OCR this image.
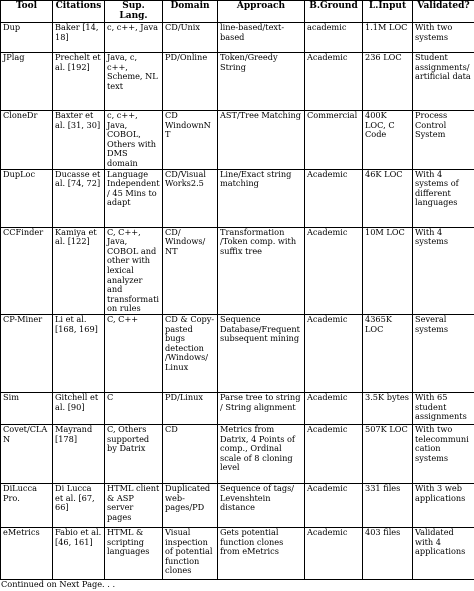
Tool	Citations	Sup. Lang.	Domain	Approach	B.Ground	L.Input	Validated?
Dup	Baker [14, 18]	c, c++, Java	CD/Unix	line-based/text-based	academic	1.1M LOC	With two systems
JPlag	Prechelt et al. [192]	Java, c, c++, Scheme, NL text	PD/Online	Token/Greedy String	Academic	236 LOC	Student assignments/artificial data
CloneDr	Baxter et al. [31, 30]	c, c++, Java, COBOL, Others with DMS domain	CD WindownNT	AST/Tree Matching	Commercial	400K LOC, C Code	Process Control System
DupLoc	Ducasse et al. [74, 72]	Language Independent/ 45 Mins to adapt	CD/Visual Works2.5	Line/Exact string matching	Academic	46K LOC	With 4 systems of different languages
CCFinder	Kamiya et al. [122]	C, C++, Java, COBOL and other with lexical analyzer and transformation rules	CD/ Windows/ NT	Transformation /Token comp. with suffix tree	Academic	10M LOC	With 4 systems
CP-Miner	Li et al. [168, 169]	C, C++	CD & Copy-pasted bugs detection /Windows/ Linux	Sequence Database/Frequent subsequent mining	Academic	4365K LOC	Several systems
Sim	Gitchell et al. [90]	C	PD/Linux	Parse tree to string / String alignment	Academic	3.5K bytes	With 65 student assignments
Covet/CLAN	Mayrand [178]	C, Others supported by Datrix	CD	Metrics from Datrix, 4 Points of comp., Ordinal scale of 8 cloning level	Academic	507K LOC	With two telecommunication systems
DiLucca Pro.	Di Lucca et al. [67, 66]	HTML client & ASP server pages	Duplicated web-pages/PD	Sequence of tags/ Levenshtein distance	Academic	331 files	With 3 web applications
eMetrics	Fabio et al. [46, 161]	HTML & scripting languages	Visual inspection of potential function clones	Gets potential function clones from eMetrics	Academic	403 files	Validated with 4 applications
Continued on Next Page. . .
